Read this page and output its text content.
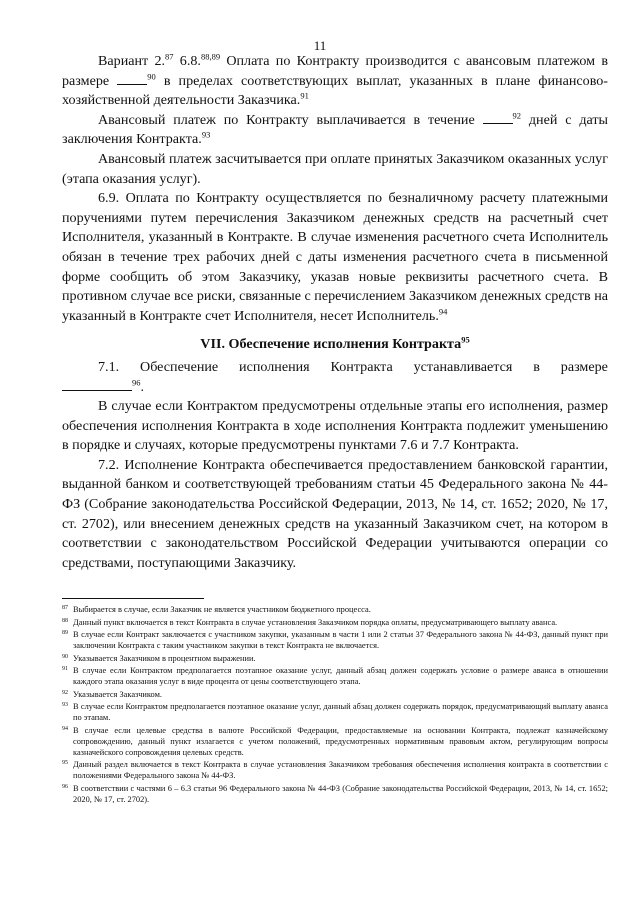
11

Вариант 2.87 6.8.$^{88,89}$ Оплата по Контракту производится с авансовым платежом в размере	$^{90}$ в пределах соответствующих выплат, указанных в плане финансово-хозяйственной деятельности Заказчика.$^{91}$

Авансовый платеж по Контракту выплачивается в течение	$^{92}$ дней с даты заключения Контракта.$^{93}$

Авансовый платеж засчитывается при оплате принятых Заказчиком оказанных услуг (этапа оказания услуг).

6.9. Оплата по Контракту осуществляется по безналичному расчету платежными поручениями путем перечисления Заказчиком денежных средств на расчетный счет Исполнителя, указанный в Контракте. В случае изменения расчетного счета Исполнитель обязан в течение трех рабочих дней с даты изменения расчетного счета в письменной форме сообщить об этом Заказчику, указав новые реквизиты расчетного счета. В противном случае все риски, связанные с перечислением Заказчиком денежных средств на указанный в Контракте счет Исполнителя, несет Исполнитель.$^{94}$

VII. Обеспечение исполнения Контракта$^{95}$
7.1. Обеспечение исполнения Контракта устанавливается в размере

$^{96}$.

В случае если Контрактом предусмотрены отдельные этапы его исполнения, размер обеспечения исполнения Контракта в ходе исполнения Контракта подлежит уменьшению в порядке и случаях, которые предусмотрены пунктами 7.6 и 7.7 Контракта.

7.2. Исполнение Контракта обеспечивается предоставлением банковской гарантии, выданной банком и соответствующей требованиям статьи 45 Федерального закона № 44-ФЗ (Собрание законодательства Российской Федерации, 2013, № 14, ст. 1652; 2020, № 17, ст. 2702), или внесением денежных средств на указанный Заказчиком счет, на котором в соответствии с законодательством Российской Федерации учитываются операции со средствами, поступающими Заказчику.

87 Выбирается в случае, если Заказчик не является участником бюджетного процесса.
88 Данный пункт включается в текст Контракта в случае установления Заказчиком порядка оплаты, предусматривающего выплату аванса.
89 В случае если Контракт заключается с участником закупки, указанным в части 1 или 2 статьи 37 Федерального закона № 44-ФЗ, данный пункт при заключении Контракта с таким участником закупки в текст Контракта не включается.
90 Указывается Заказчиком в процентном выражении.
91 В случае если Контрактом предполагается поэтапное оказание услуг, данный абзац должен содержать условие о размере аванса в отношении каждого этапа оказания услуг в виде процента от цены соответствующего этапа.
92 Указывается Заказчиком.
93 В случае если Контрактом предполагается поэтапное оказание услуг, данный абзац должен содержать порядок, предусматривающий выплату аванса по этапам.
94 В случае если целевые средства в валюте Российской Федерации, предоставляемые на основании Контракта, подлежат казначейскому сопровождению, данный пункт излагается с учетом положений, предусмотренных нормативным правовым актом, регулирующим вопросы казначейского сопровождения целевых средств.
95 Данный раздел включается в текст Контракта в случае установления Заказчиком требования обеспечения исполнения контракта в соответствии с положениями Федерального закона № 44-ФЗ.
96 В соответствии с частями 6 – 6.3 статьи 96 Федерального закона № 44-ФЗ (Собрание законодательства Российской Федерации, 2013, № 14, ст. 1652; 2020, № 17, ст. 2702).
